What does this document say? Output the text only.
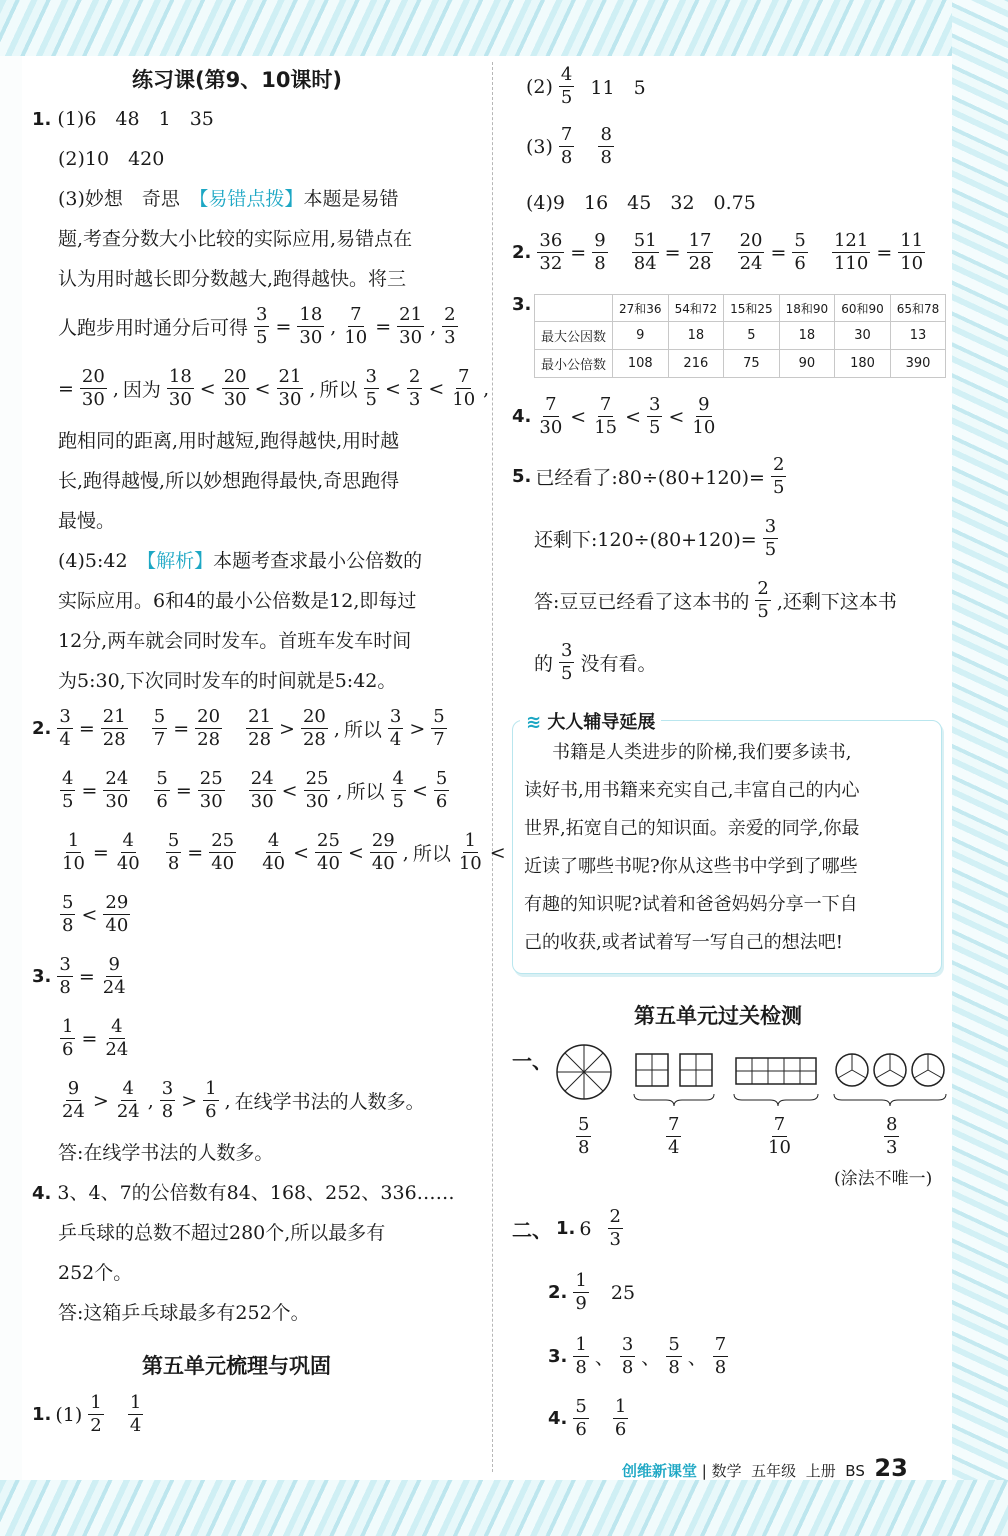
练习课(第9、10课时)
1. (1)6　48　1　35
(2)10　420
(3)妙想　奇思　【易错点拨】本题是易错
题,考查分数大小比较的实际应用,易错点在
认为用时越长即分数越大,跑得越快。将三
人跑步用时通分后可得 $\frac{3}{5} = \frac{18}{30}$ , $\frac{7}{10} = \frac{21}{30}$ , $\frac{2}{3}$
= $\frac{20}{30}$ , 因为 $\frac{18}{30} < \frac{20}{30} < \frac{21}{30}$ , 所以 $\frac{3}{5} < \frac{2}{3} < \frac{7}{10}$ ,
跑相同的距离,用时越短,跑得越快,用时越
长,跑得越慢,所以妙想跑得最快,奇思跑得
最慢。
(4)5:42　【解析】本题考查求最小公倍数的
实际应用。6和4的最小公倍数是12,即每过
12分,两车就会同时发车。首班车发车时间
为5:30,下次同时发车的时间就是5:42。
2. $\frac{3}{4} = \frac{21}{28}$
$\frac{5}{7} = \frac{20}{28}$
$\frac{21}{28} > \frac{20}{28}$ , 所以 $\frac{3}{4} > \frac{5}{7}$
$\frac{4}{5} = \frac{24}{30}$
$\frac{5}{6} = \frac{25}{30}$
$\frac{24}{30} < \frac{25}{30}$ , 所以 $\frac{4}{5} < \frac{5}{6}$
$\frac{1}{10} = \frac{4}{40}$
$\frac{5}{8} = \frac{25}{40}$
$\frac{4}{40} < \frac{25}{40} < \frac{29}{40}$ , 所以 $\frac{1}{10}$ <
$\frac{5}{8} < \frac{29}{40}$
3. $\frac{3}{8} = \frac{9}{24}$
$\frac{1}{6} = \frac{4}{24}$
$\frac{9}{24} > \frac{4}{24}$ , $\frac{3}{8} > \frac{1}{6}$ , 在线学书法的人数多。
答:在线学书法的人数多。
4. 3、4、7的公倍数有84、168、252、336……
乒乓球的总数不超过280个,所以最多有
252个。
答:这箱乒乓球最多有252个。
第五单元梳理与巩固
1. $(1) \frac{1}{2}$
$\frac{1}{4}$
$(2) \frac{4}{5}$
11　5
$(3) \frac{7}{8}$
$\frac{8}{8}$
(4)9　16　45　32　0.75
2. $\frac{36}{32} = \frac{9}{8}$
$\frac{51}{84} = \frac{17}{28}$
$\frac{20}{24} = \frac{5}{6}$
$\frac{121}{110} = \frac{11}{10}$
3.
		27和36	54和72	15和25	18和90	60和90	65和78
最大公因数	9	18	5	18	30	13
最小公倍数	108	216	75	90	180	390
4. $\frac{7}{30} < \frac{7}{15} < \frac{3}{5} < \frac{9}{10}$
5. 已经看了:80÷(80+120)= $\frac{2}{5}$
还剩下:120÷(80+120)= $\frac{3}{5}$
答:豆豆已经看了这本书的 $\frac{2}{5}$ ,还剩下这本书
的 $\frac{3}{5}$ 没有看。
≋ 大人辅导延展
书籍是人类进步的阶梯,我们要多读书,
读好书,用书籍来充实自己,丰富自己的内心
世界,拓宽自己的知识面。亲爱的同学,你最
近读了哪些书呢?你从这些书中学到了哪些
有趣的知识呢?试着和爸爸妈妈分享一下自
己的收获,或者试着写一写自己的想法吧!
第五单元过关检测
一、
$\frac{5}{8}$	$\frac{7}{4}$	$\frac{7}{10}$	$\frac{8}{3}$
(涂法不唯一)
二、 1. 6
$\frac{2}{3}$
2. $\frac{1}{9}$
25
3. $\frac{1}{8}$ 、 $\frac{3}{8}$ 、 $\frac{5}{8}$ 、 $\frac{7}{8}$
4. $\frac{5}{6}$
$\frac{1}{6}$
创维新课堂 | 数学 五年级 上册 BS 23
